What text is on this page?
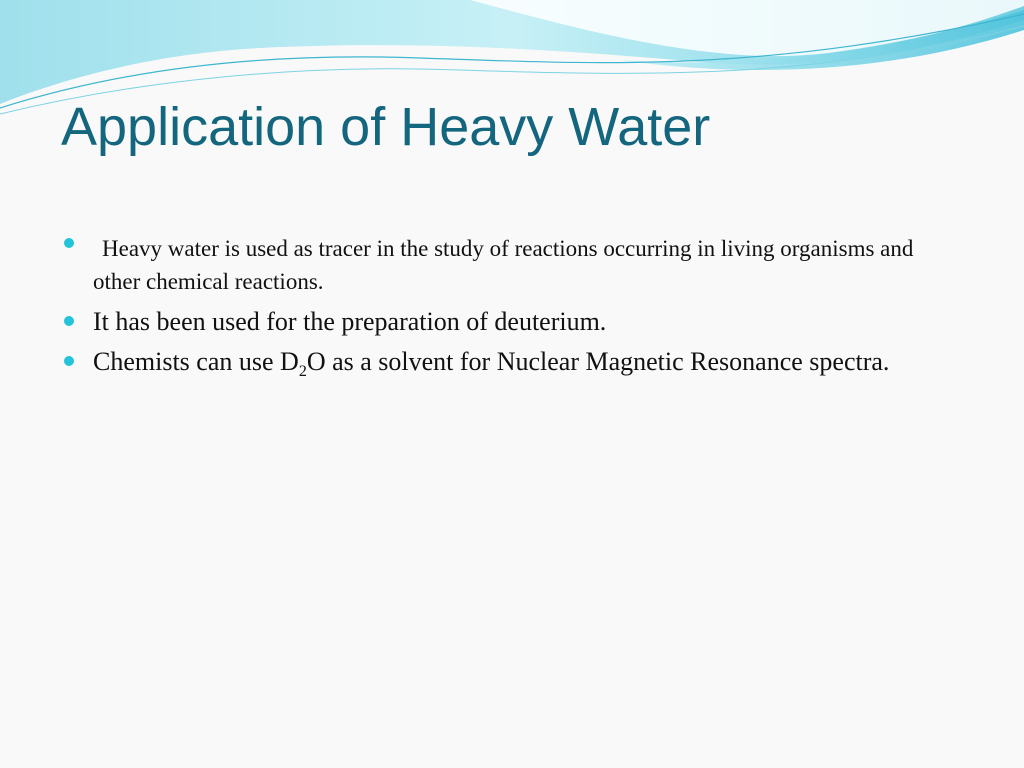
Application of Heavy Water
Heavy water is used as tracer in the study of reactions occurring in living organisms and other chemical reactions.
It has been used for the preparation of deuterium.
Chemists can use $D_2O$ as a solvent for Nuclear Magnetic Resonance spectra.
